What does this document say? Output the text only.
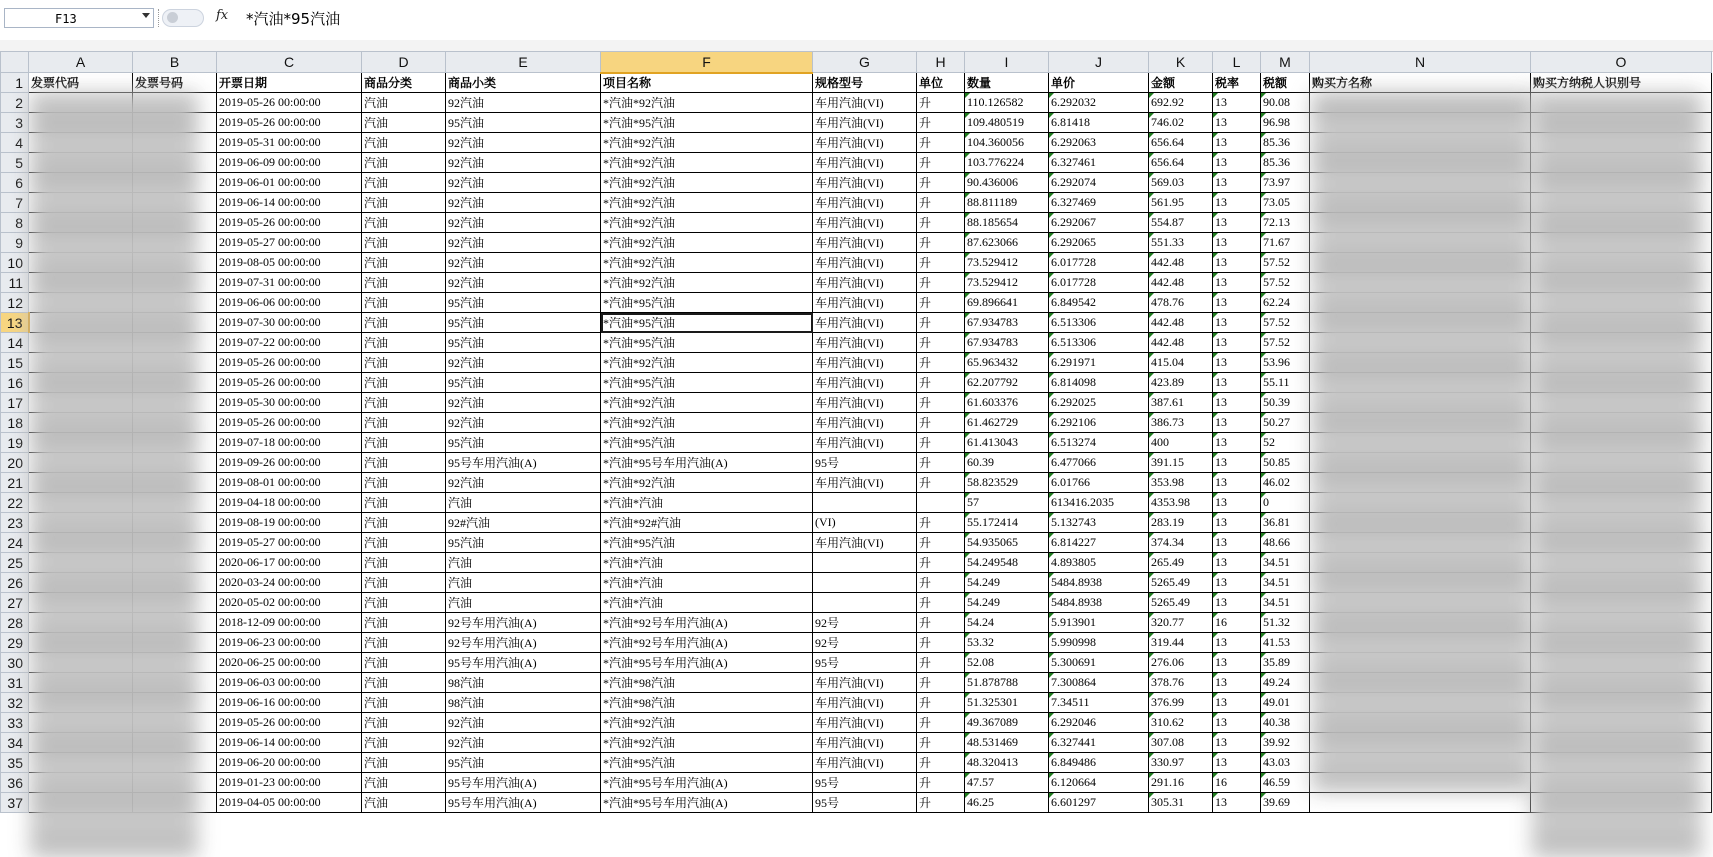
F13	fx *汽油*95汽油
	A	B	C	D	E	F	G	H	I	J	K	L	M	N	O
1	发票代码	发票号码	开票日期	商品分类	商品小类	项目名称	规格型号	单位	数量	单价	金额	税率	税额	购买方名称	购买方纳税人识别号
2			2019-05-26 00:00:00	汽油	92汽油	*汽油*92汽油	车用汽油(VI)	升	110.126582	6.292032	692.92	13	90.08		
3			2019-05-26 00:00:00	汽油	95汽油	*汽油*95汽油	车用汽油(VI)	升	109.480519	6.81418	746.02	13	96.98		
4			2019-05-31 00:00:00	汽油	92汽油	*汽油*92汽油	车用汽油(VI)	升	104.360056	6.292063	656.64	13	85.36		
5			2019-06-09 00:00:00	汽油	92汽油	*汽油*92汽油	车用汽油(VI)	升	103.776224	6.327461	656.64	13	85.36		
6			2019-06-01 00:00:00	汽油	92汽油	*汽油*92汽油	车用汽油(VI)	升	90.436006	6.292074	569.03	13	73.97		
7			2019-06-14 00:00:00	汽油	92汽油	*汽油*92汽油	车用汽油(VI)	升	88.811189	6.327469	561.95	13	73.05		
8			2019-05-26 00:00:00	汽油	92汽油	*汽油*92汽油	车用汽油(VI)	升	88.185654	6.292067	554.87	13	72.13		
9			2019-05-27 00:00:00	汽油	92汽油	*汽油*92汽油	车用汽油(VI)	升	87.623066	6.292065	551.33	13	71.67		
10			2019-08-05 00:00:00	汽油	92汽油	*汽油*92汽油	车用汽油(VI)	升	73.529412	6.017728	442.48	13	57.52		
11			2019-07-31 00:00:00	汽油	92汽油	*汽油*92汽油	车用汽油(VI)	升	73.529412	6.017728	442.48	13	57.52		
12			2019-06-06 00:00:00	汽油	95汽油	*汽油*95汽油	车用汽油(VI)	升	69.896641	6.849542	478.76	13	62.24		
13			2019-07-30 00:00:00	汽油	95汽油	*汽油*95汽油	车用汽油(VI)	升	67.934783	6.513306	442.48	13	57.52		
14			2019-07-22 00:00:00	汽油	95汽油	*汽油*95汽油	车用汽油(VI)	升	67.934783	6.513306	442.48	13	57.52		
15			2019-05-26 00:00:00	汽油	92汽油	*汽油*92汽油	车用汽油(VI)	升	65.963432	6.291971	415.04	13	53.96		
16			2019-05-26 00:00:00	汽油	95汽油	*汽油*95汽油	车用汽油(VI)	升	62.207792	6.814098	423.89	13	55.11		
17			2019-05-30 00:00:00	汽油	92汽油	*汽油*92汽油	车用汽油(VI)	升	61.603376	6.292025	387.61	13	50.39		
18			2019-05-26 00:00:00	汽油	92汽油	*汽油*92汽油	车用汽油(VI)	升	61.462729	6.292106	386.73	13	50.27		
19			2019-07-18 00:00:00	汽油	95汽油	*汽油*95汽油	车用汽油(VI)	升	61.413043	6.513274	400	13	52		
20			2019-09-26 00:00:00	汽油	95号车用汽油(A)	*汽油*95号车用汽油(A)	95号	升	60.39	6.477066	391.15	13	50.85		
21			2019-08-01 00:00:00	汽油	92汽油	*汽油*92汽油	车用汽油(VI)	升	58.823529	6.01766	353.98	13	46.02		
22			2019-04-18 00:00:00	汽油	汽油	*汽油*汽油			57	613416.2035	4353.98	13	0		
23			2019-08-19 00:00:00	汽油	92#汽油	*汽油*92#汽油	(VI)	升	55.172414	5.132743	283.19	13	36.81		
24			2019-05-27 00:00:00	汽油	95汽油	*汽油*95汽油	车用汽油(VI)	升	54.935065	6.814227	374.34	13	48.66		
25			2020-06-17 00:00:00	汽油	汽油	*汽油*汽油		升	54.249548	4.893805	265.49	13	34.51		
26			2020-03-24 00:00:00	汽油	汽油	*汽油*汽油		升	54.249	5484.8938	5265.49	13	34.51		
27			2020-05-02 00:00:00	汽油	汽油	*汽油*汽油		升	54.249	5484.8938	5265.49	13	34.51		
28			2018-12-09 00:00:00	汽油	92号车用汽油(A)	*汽油*92号车用汽油(A)	92号	升	54.24	5.913901	320.77	16	51.32		
29			2019-06-23 00:00:00	汽油	92号车用汽油(A)	*汽油*92号车用汽油(A)	92号	升	53.32	5.990998	319.44	13	41.53		
30			2020-06-25 00:00:00	汽油	95号车用汽油(A)	*汽油*95号车用汽油(A)	95号	升	52.08	5.300691	276.06	13	35.89		
31			2019-06-03 00:00:00	汽油	98汽油	*汽油*98汽油	车用汽油(VI)	升	51.878788	7.300864	378.76	13	49.24		
32			2019-06-16 00:00:00	汽油	98汽油	*汽油*98汽油	车用汽油(VI)	升	51.325301	7.34511	376.99	13	49.01		
33			2019-05-26 00:00:00	汽油	92汽油	*汽油*92汽油	车用汽油(VI)	升	49.367089	6.292046	310.62	13	40.38		
34			2019-06-14 00:00:00	汽油	92汽油	*汽油*92汽油	车用汽油(VI)	升	48.531469	6.327441	307.08	13	39.92		
35			2019-06-20 00:00:00	汽油	95汽油	*汽油*95汽油	车用汽油(VI)	升	48.320413	6.849486	330.97	13	43.03		
36			2019-01-23 00:00:00	汽油	95号车用汽油(A)	*汽油*95号车用汽油(A)	95号	升	47.57	6.120664	291.16	16	46.59		
37			2019-04-05 00:00:00	汽油	95号车用汽油(A)	*汽油*95号车用汽油(A)	95号	升	46.25	6.601297	305.31	13	39.69		
